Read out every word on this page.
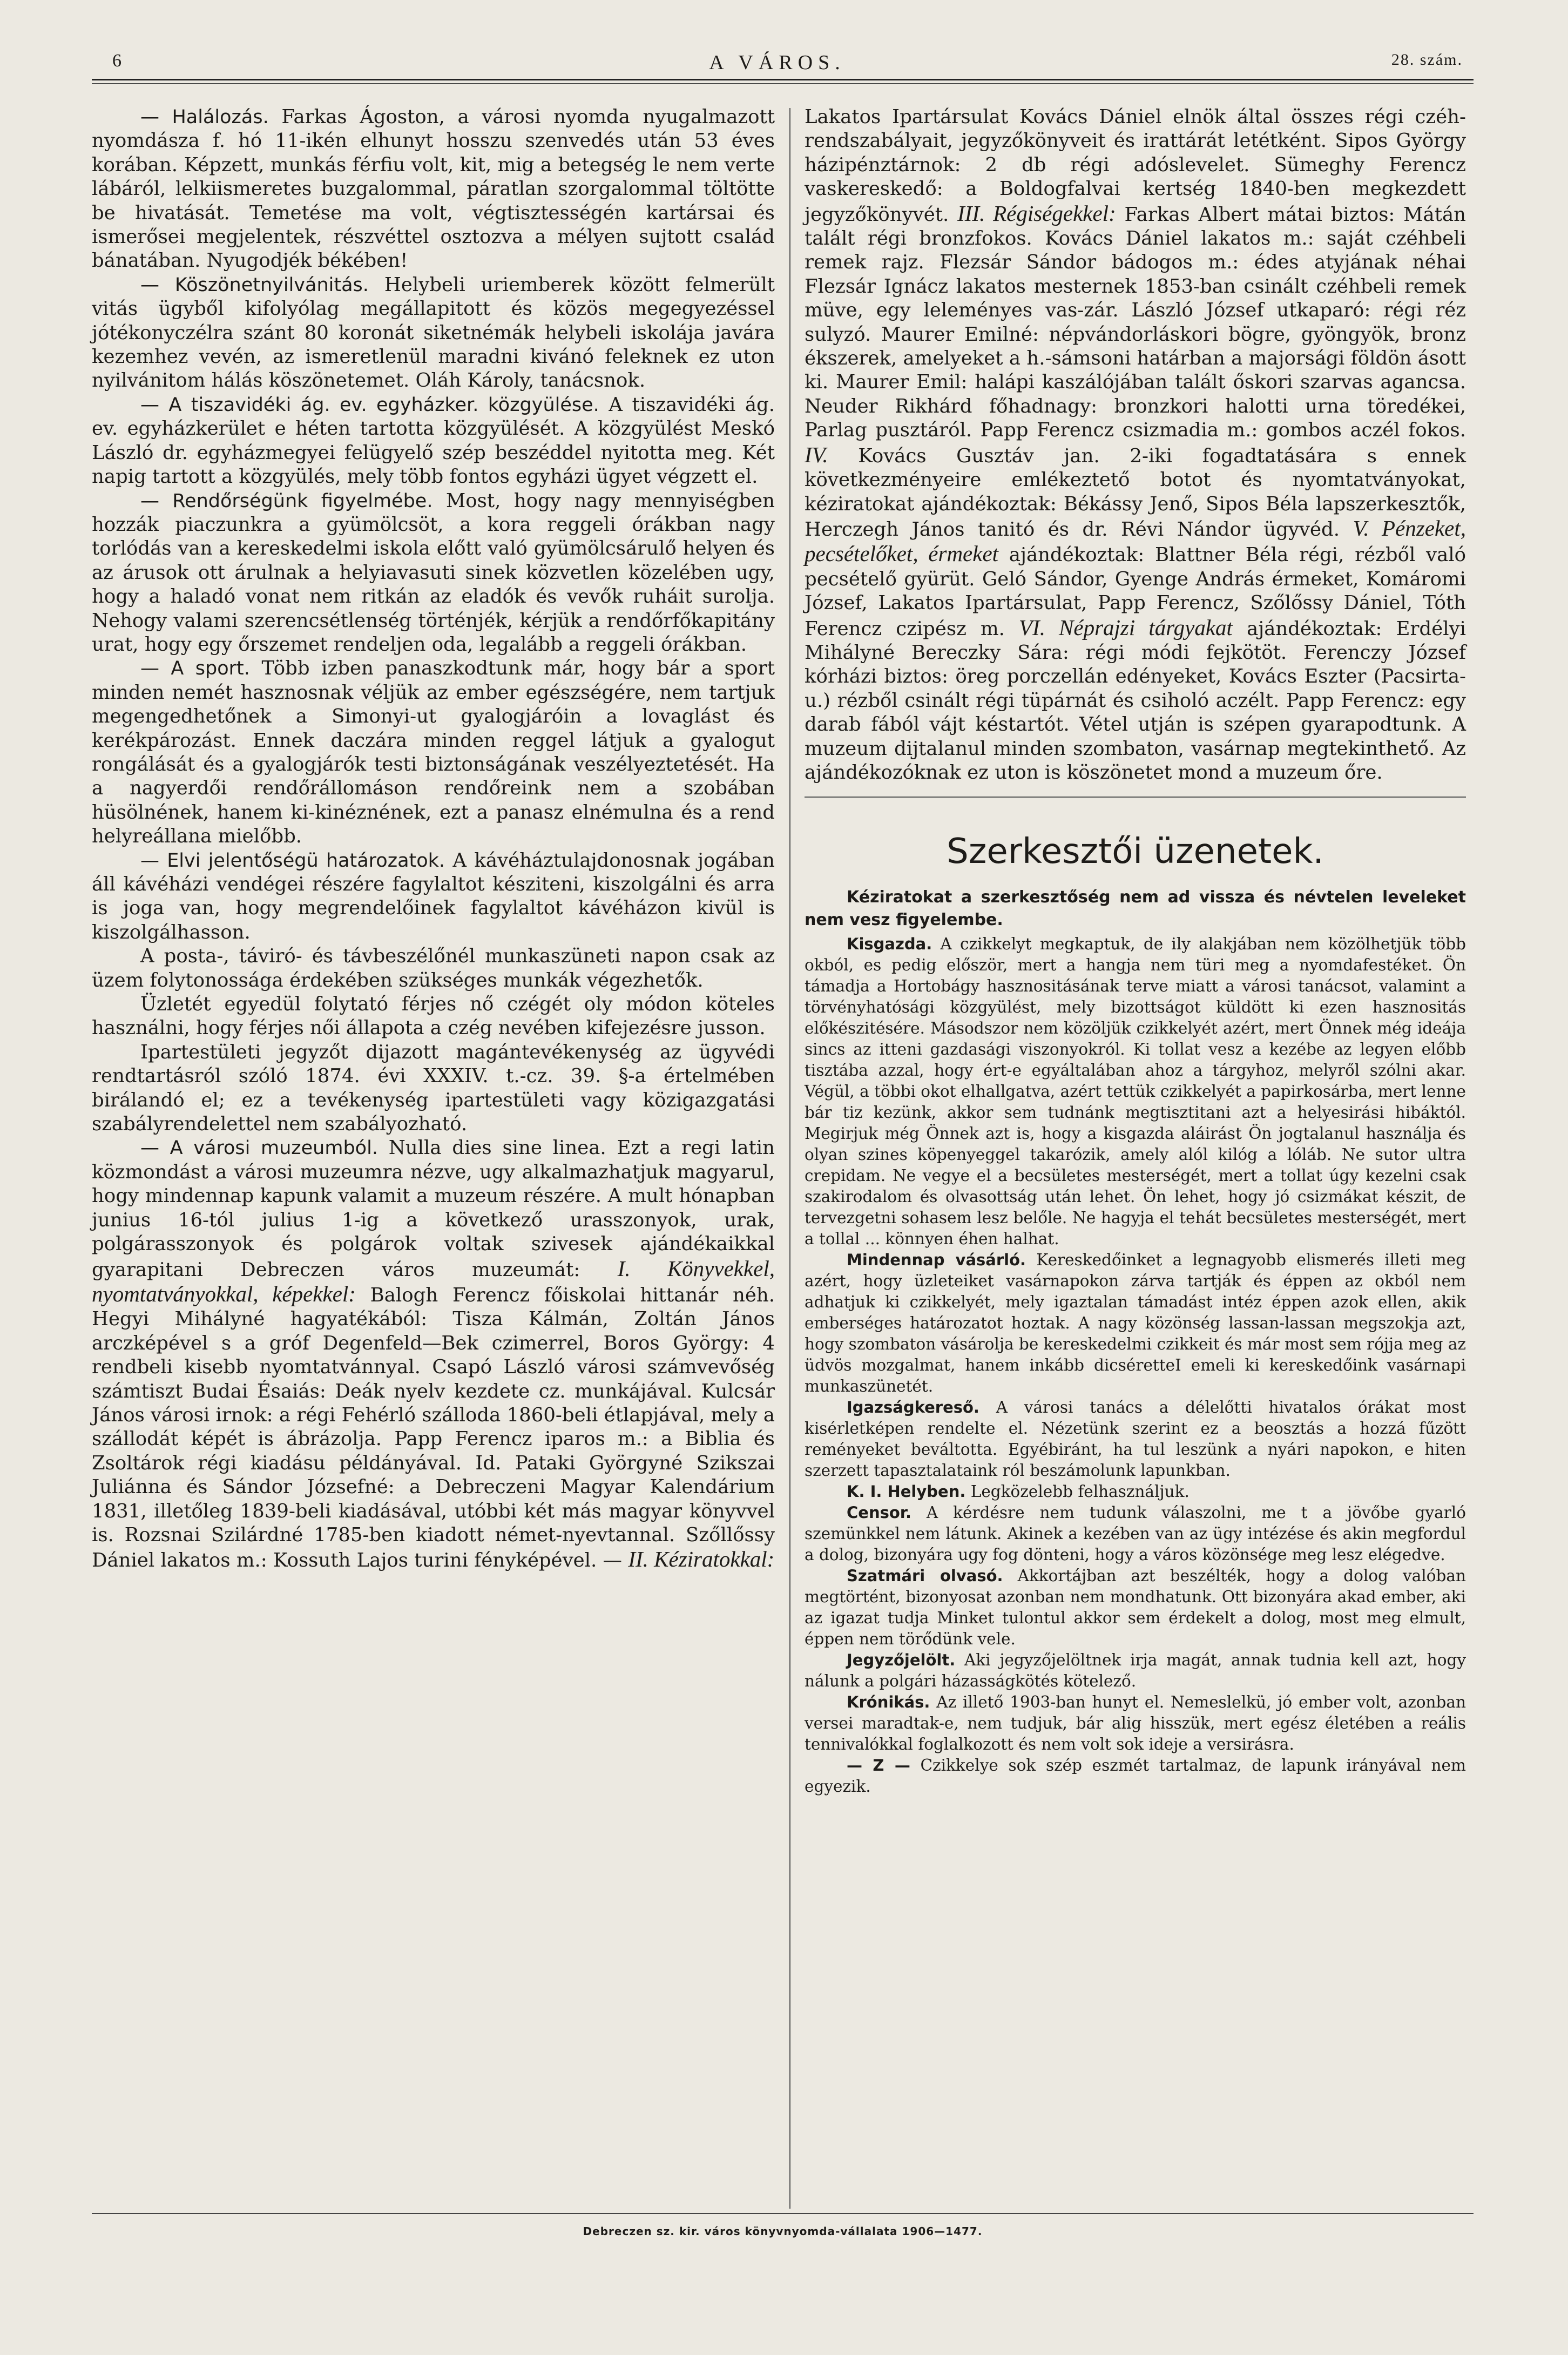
6	A VÁROS.	28. szám.

— Halálozás. Farkas Ágoston, a városi nyomda nyugalmazott nyomdásza f. hó 11-ikén elhunyt hosszu szenvedés után 53 éves korában. Képzett, munkás férfiu volt, kit, mig a betegség le nem verte lábáról, lelkiismeretes buzgalommal, páratlan szorgalommal töltötte be hivatását. Temetése ma volt, végtisztességén kartársai és ismerősei megjelentek, részvéttel osztozva a mélyen sujtott család bánatában. Nyugodjék békében!

— Köszönetnyilvánitás. Helybeli uriemberek között felmerült vitás ügyből kifolyólag megállapitott és közös megegyezéssel jótékonyczélra szánt 80 koronát siketnémák helybeli iskolája javára kezemhez vevén, az ismeretlenül maradni kivánó feleknek ez uton nyilvánitom hálás köszönetemet. Oláh Károly, tanácsnok.

— A tiszavidéki ág. ev. egyházker. közgyülése. A tiszavidéki ág. ev. egyházkerület e héten tartotta közgyülését. A közgyülést Meskó László dr. egyházmegyei felügyelő szép beszéddel nyitotta meg. Két napig tartott a közgyülés, mely több fontos egyházi ügyet végzett el.

— Rendőrségünk figyelmébe. Most, hogy nagy mennyiségben hozzák piaczunkra a gyümölcsöt, a kora reggeli órákban nagy torlódás van a kereskedelmi iskola előtt való gyümölcsárulő helyen és az árusok ott árulnak a helyiavasuti sinek közvetlen közelében ugy, hogy a haladó vonat nem ritkán az eladók és vevők ruháit surolja. Nehogy valami szerencsétlenség történjék, kérjük a rendőrfőkapitány urat, hogy egy őrszemet rendeljen oda, legalább a reggeli órákban.

— A sport. Több izben panaszkodtunk már, hogy bár a sport minden nemét hasznosnak véljük az ember egészségére, nem tartjuk megengedhetőnek a Simonyi-ut gyalogjáróin a lovaglást és kerékpározást. Ennek daczára minden reggel látjuk a gyalogut rongálását és a gyalogjárók testi biztonságának veszélyeztetését. Ha a nagyerdői rendőrállomáson rendőreink nem a szobában hüsölnének, hanem ki-kinéznének, ezt a panasz elnémulna és a rend helyreállana mielőbb.

— Elvi jelentőségü határozatok. A kávéháztulajdonosnak jogában áll kávéházi vendégei részére fagylaltot késziteni, kiszolgálni és arra is joga van, hogy megrendelőinek fagylaltot kávéházon kivül is kiszolgálhasson.

A posta-, táviró- és távbeszélőnél munkaszüneti napon csak az üzem folytonossága érdekében szükséges munkák végezhetők.

Üzletét egyedül folytató férjes nő czégét oly módon köteles használni, hogy férjes női állapota a czég nevében kifejezésre jusson.

Ipartestületi jegyzőt dijazott magántevékenység az ügyvédi rendtartásról szóló 1874. évi XXXIV. t.-cz. 39. §-a értelmében birálandó el; ez a tevékenység ipartestületi vagy közigazgatási szabályrendelettel nem szabályozható.

— A városi muzeumból. Nulla dies sine linea. Ezt a regi latin közmondást a városi muzeumra nézve, ugy alkalmazhatjuk magyarul, hogy mindennap kapunk valamit a muzeum részére. A mult hónapban junius 16-tól julius 1-ig a következő urasszonyok, urak, polgárasszonyok és polgárok voltak szivesek ajándékaikkal gyarapitani Debreczen város muzeumát: I. Könyvekkel, nyomtatványokkal, képekkel: Balogh Ferencz főiskolai hittanár néh. Hegyi Mihályné hagyatékából: Tisza Kálmán, Zoltán János arczképével s a gróf Degenfeld—Bek czimerrel, Boros György: 4 rendbeli kisebb nyomtatvánnyal. Csapó László városi számvevőség számtiszt Budai Ésaiás: Deák nyelv kezdete cz. munkájával. Kulcsár János városi irnok: a régi Fehérló szálloda 1860-beli étlapjával, mely a szállodát képét is ábrázolja. Papp Ferencz iparos m.: a Biblia és Zsoltárok régi kiadásu példányával. Id. Pataki Györgyné Szikszai Juliánna és Sándor Józsefné: a Debreczeni Magyar Kalendárium 1831, illetőleg 1839-beli kiadásával, utóbbi két más magyar könyvvel is. Rozsnai Szilárdné 1785-ben kiadott német-nyevtannal. Szőllőssy Dániel lakatos m.: Kossuth Lajos turini fényképével. — II. Kéziratokkal:

Lakatos Ipartársulat Kovács Dániel elnök által összes régi czéh-rendszabályait, jegyzőkönyveit és irattárát letétként. Sipos György házipénztárnok: 2 db régi adóslevelet. Sümeghy Ferencz vaskereskedő: a Boldogfalvai kertség 1840-ben megkezdett jegyzőkönyvét. III. Régiségekkel: Farkas Albert mátai biztos: Mátán talált régi bronzfokos. Kovács Dániel lakatos m.: saját czéhbeli remek rajz. Flezsár Sándor bádogos m.: édes atyjának néhai Flezsár Ignácz lakatos mesternek 1853-ban csinált czéhbeli remek müve, egy leleményes vas-zár. László József utkaparó: régi réz sulyzó. Maurer Emilné: népvándorláskori bögre, gyöngyök, bronz ékszerek, amelyeket a h.-sámsoni határban a majorsági földön ásott ki. Maurer Emil: halápi kaszálójában talált őskori szarvas agancsa. Neuder Rikhárd főhadnagy: bronzkori halotti urna töredékei, Parlag pusztáról. Papp Ferencz csizmadia m.: gombos aczél fokos. IV. Kovács Gusztáv jan. 2-iki fogadtatására s ennek következményeire emlékeztető botot és nyomtatványokat, kéziratokat ajándékoztak: Békássy Jenő, Sipos Béla lapszerkesztők, Herczegh János tanitó és dr. Révi Nándor ügyvéd. V. Pénzeket, pecsételőket, érmeket ajándékoztak: Blattner Béla régi, rézből való pecsételő gyürüt. Geló Sándor, Gyenge András érmeket, Komáromi József, Lakatos Ipartársulat, Papp Ferencz, Szőlőssy Dániel, Tóth Ferencz czipész m. VI. Néprajzi tárgyakat ajándékoztak: Erdélyi Mihályné Bereczky Sára: régi módi fejkötöt. Ferenczy József kórházi biztos: öreg porczellán edényeket, Kovács Eszter (Pacsirta-u.) rézből csinált régi tüpárnát és csiholó aczélt. Papp Ferencz: egy darab fából vájt késtartót. Vétel utján is szépen gyarapodtunk. A muzeum dijtalanul minden szombaton, vasárnap megtekinthető. Az ajándékozóknak ez uton is köszönetet mond a muzeum őre.

Szerkesztői üzenetek.

Kéziratokat a szerkesztőség nem ad vissza és névtelen leveleket nem vesz figyelembe.

Kisgazda. A czikkelyt megkaptuk, de ily alakjában nem közölhetjük több okból, es pedig először, mert a hangja nem türi meg a nyomdafestéket. Ön támadja a Hortobágy hasznositásának terve miatt a városi tanácsot, valamint a törvényhatósági közgyülést, mely bizottságot küldött ki ezen hasznositás előkészitésére. Másodszor nem közöljük czikkelyét azért, mert Önnek még ideája sincs az itteni gazdasági viszonyokról. Ki tollat vesz a kezébe az legyen előbb tisztába azzal, hogy ért-e egyáltalában ahoz a tárgyhoz, melyről szólni akar. Végül, a többi okot elhallgatva, azért tettük czikkelyét a papirkosárba, mert lenne bár tiz kezünk, akkor sem tudnánk megtisztitani azt a helyesirási hibáktól. Megirjuk még Önnek azt is, hogy a kisgazda aláirást Ön jogtalanul használja és olyan szines köpenyeggel takarózik, amely alól kilóg a lóláb. Ne sutor ultra crepidam. Ne vegye el a becsületes mesterségét, mert a tollat úgy kezelni csak szakirodalom és olvasottság után lehet. Ön lehet, hogy jó csizmákat készit, de tervezgetni sohasem lesz belőle. Ne hagyja el tehát becsületes mesterségét, mert a tollal ... könnyen éhen halhat.

Mindennap vásárló. Kereskedőinket a legnagyobb elismerés illeti meg azért, hogy üzleteiket vasárnapokon zárva tartják és éppen az okból nem adhatjuk ki czikkelyét, mely igaztalan támadást intéz éppen azok ellen, akik emberséges határozatot hoztak. A nagy közönség lassan-lassan megszokja azt, hogy szombaton vásárolja be kereskedelmi czikkeit és már most sem rójja meg az üdvös mozgalmat, hanem inkább dicséretteI emeli ki kereskedőink vasárnapi munkaszünetét.

Igazságkereső. A városi tanács a délelőtti hivatalos órákat most kisérletképen rendelte el. Nézetünk szerint ez a beosztás a hozzá fűzött reményeket beváltotta. Egyébiránt, ha tul leszünk a nyári napokon, e hiten szerzett tapasztalataink ról beszámolunk lapunkban.

K. I. Helyben. Legközelebb felhasználjuk.

Censor. A kérdésre nem tudunk válaszolni, me t a jövőbe gyarló szemünkkel nem látunk. Akinek a kezében van az ügy intézése és akin megfordul a dolog, bizonyára ugy fog dönteni, hogy a város közönsége meg lesz elégedve.

Szatmári olvasó. Akkortájban azt beszélték, hogy a dolog valóban megtörtént, bizonyosat azonban nem mondhatunk. Ott bizonyára akad ember, aki az igazat tudja Minket tulontul akkor sem érdekelt a dolog, most meg elmult, éppen nem törődünk vele.

Jegyzőjelölt. Aki jegyzőjelöltnek irja magát, annak tudnia kell azt, hogy nálunk a polgári házasságkötés kötelező.

Krónikás. Az illető 1903-ban hunyt el. Nemeslelkü, jó ember volt, azonban versei maradtak-e, nem tudjuk, bár alig hisszük, mert egész életében a reális tennivalókkal foglalkozott és nem volt sok ideje a versirásra.

— Z — Czikkelye sok szép eszmét tartalmaz, de lapunk irányával nem egyezik.

Debreczen sz. kir. város könyvnyomda-vállalata 1906—1477.
